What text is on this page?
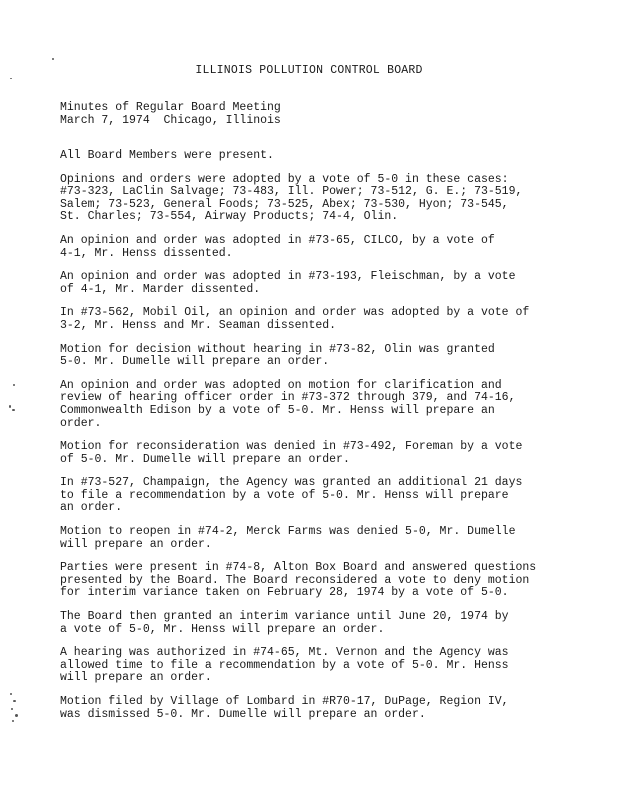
ILLINOIS POLLUTION CONTROL BOARD
Minutes of Regular Board Meeting
March 7, 1974  Chicago, Illinois
All Board Members were present.
Opinions and orders were adopted by a vote of 5-0 in these cases:
#73-323, LaClin Salvage; 73-483, Ill. Power; 73-512, G. E.; 73-519,
Salem; 73-523, General Foods; 73-525, Abex; 73-530, Hyon; 73-545,
St. Charles; 73-554, Airway Products; 74-4, Olin.
An opinion and order was adopted in #73-65, CILCO, by a vote of
4-1, Mr. Henss dissented.
An opinion and order was adopted in #73-193, Fleischman, by a vote
of 4-1, Mr. Marder dissented.
In #73-562, Mobil Oil, an opinion and order was adopted by a vote of
3-2, Mr. Henss and Mr. Seaman dissented.
Motion for decision without hearing in #73-82, Olin was granted
5-0. Mr. Dumelle will prepare an order.
An opinion and order was adopted on motion for clarification and
review of hearing officer order in #73-372 through 379, and 74-16,
Commonwealth Edison by a vote of 5-0. Mr. Henss will prepare an
order.
Motion for reconsideration was denied in #73-492, Foreman by a vote
of 5-0. Mr. Dumelle will prepare an order.
In #73-527, Champaign, the Agency was granted an additional 21 days
to file a recommendation by a vote of 5-0. Mr. Henss will prepare
an order.
Motion to reopen in #74-2, Merck Farms was denied 5-0, Mr. Dumelle
will prepare an order.
Parties were present in #74-8, Alton Box Board and answered questions
presented by the Board. The Board reconsidered a vote to deny motion
for interim variance taken on February 28, 1974 by a vote of 5-0.
The Board then granted an interim variance until June 20, 1974 by
a vote of 5-0, Mr. Henss will prepare an order.
A hearing was authorized in #74-65, Mt. Vernon and the Agency was
allowed time to file a recommendation by a vote of 5-0. Mr. Henss
will prepare an order.
Motion filed by Village of Lombard in #R70-17, DuPage, Region IV,
was dismissed 5-0. Mr. Dumelle will prepare an order.
